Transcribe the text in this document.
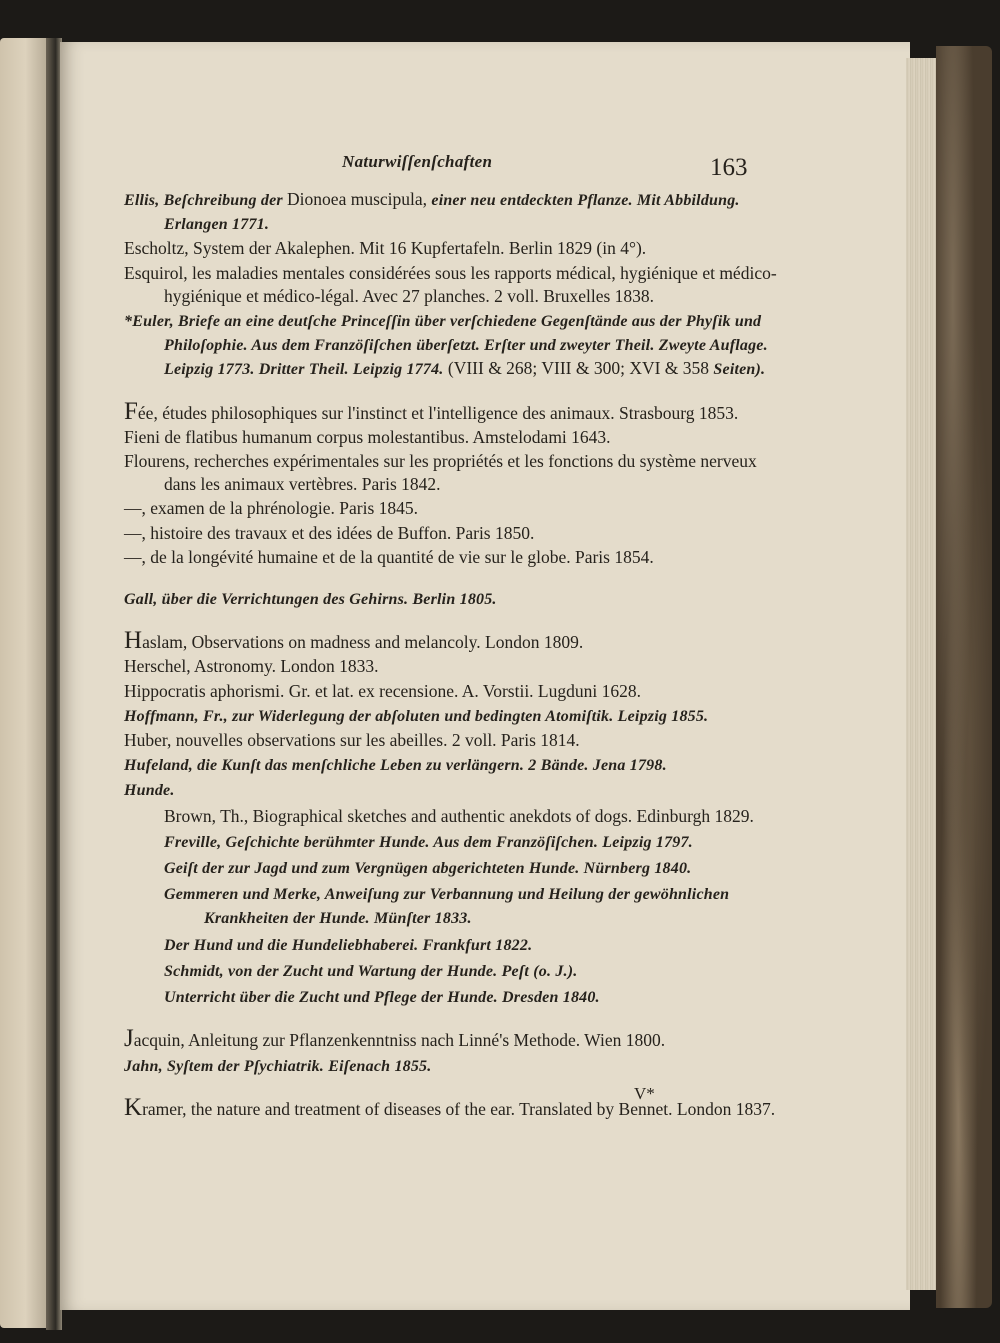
Naturwiſſenſchaften	163
Ellis, Beſchreibung der Dionoea muscipula, einer neu entdeckten Pflanze. Mit Abbildung. Erlangen 1771.
Escholtz, System der Akalephen. Mit 16 Kupfertafeln. Berlin 1829 (in 4°).
Esquirol, les maladies mentales considérées sous les rapports médical, hygiénique et médico-hygiénique et médico-légal. Avec 27 planches. 2 voll. Bruxelles 1838.
*Euler, Briefe an eine deutſche Princeſſin über verſchiedene Gegenſtände aus der Phyſik und Philoſophie. Aus dem Franzöſiſchen überſetzt. Erſter und zweyter Theil. Zweyte Auflage. Leipzig 1773. Dritter Theil. Leipzig 1774. (VIII & 268; VIII & 300; XVI & 358 Seiten).
Fée, études philosophiques sur l'instinct et l'intelligence des animaux. Strasbourg 1853.
Fieni de flatibus humanum corpus molestantibus. Amstelodami 1643.
Flourens, recherches expérimentales sur les propriétés et les fonctions du système nerveux dans les animaux vertèbres. Paris 1842.
—, examen de la phrénologie. Paris 1845.
—, histoire des travaux et des idées de Buffon. Paris 1850.
—, de la longévité humaine et de la quantité de vie sur le globe. Paris 1854.
Gall, über die Verrichtungen des Gehirns. Berlin 1805.
Haslam, Observations on madness and melancoly. London 1809.
Herschel, Astronomy. London 1833.
Hippocratis aphorismi. Gr. et lat. ex recensione. A. Vorstii. Lugduni 1628.
Hoffmann, Fr., zur Widerlegung der abſoluten und bedingten Atomiſtik. Leipzig 1855.
Huber, nouvelles observations sur les abeilles. 2 voll. Paris 1814.
Hufeland, die Kunſt das menſchliche Leben zu verlängern. 2 Bände. Jena 1798.
Hunde.
Brown, Th., Biographical sketches and authentic anekdots of dogs. Edinburgh 1829.
Freville, Geſchichte berühmter Hunde. Aus dem Franzöſiſchen. Leipzig 1797.
Geiſt der zur Jagd und zum Vergnügen abgerichteten Hunde. Nürnberg 1840.
Gemmeren und Merke, Anweiſung zur Verbannung und Heilung der gewöhnlichen Krankheiten der Hunde. Münſter 1833.
Der Hund und die Hundeliebhaberei. Frankfurt 1822.
Schmidt, von der Zucht und Wartung der Hunde. Peſt (o. J.).
Unterricht über die Zucht und Pflege der Hunde. Dresden 1840.
Jacquin, Anleitung zur Pflanzenkenntniss nach Linné's Methode. Wien 1800.
Jahn, Syſtem der Pſychiatrik. Eiſenach 1855.
Kramer, the nature and treatment of diseases of the ear. Translated by Bennet. London 1837.
V*
